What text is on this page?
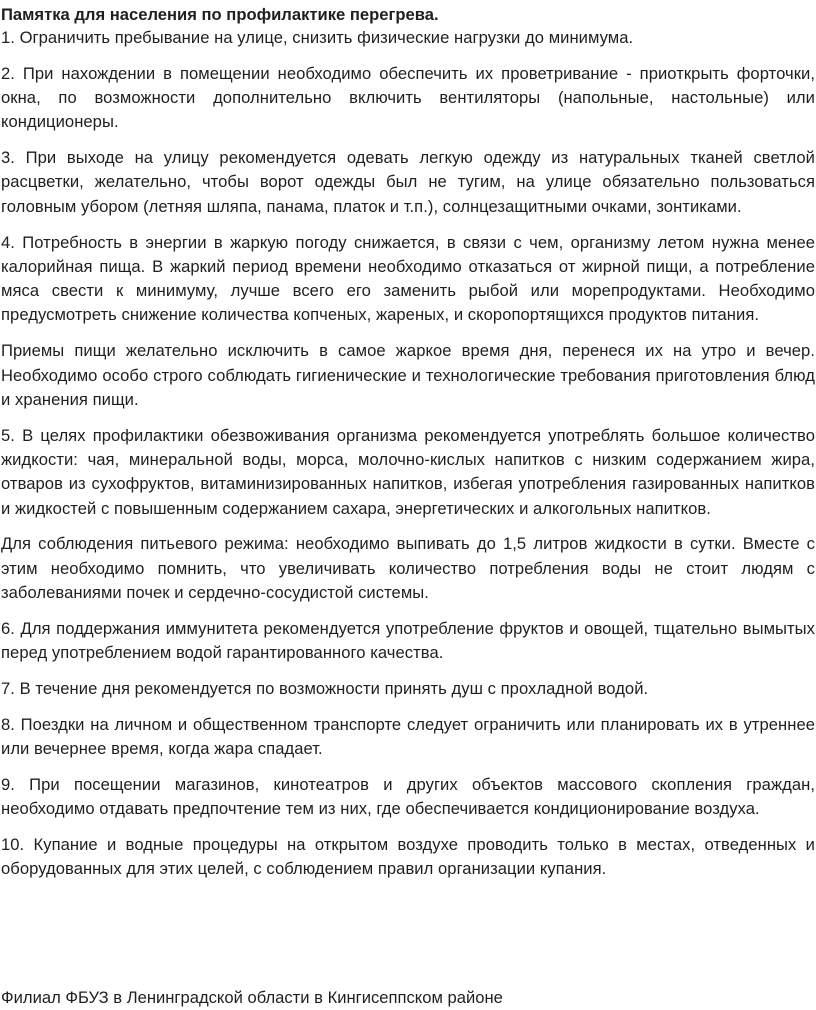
Памятка для населения по профилактике перегрева.

1. Ограничить пребывание на улице, снизить физические нагрузки до минимума.

2. При нахождении в помещении необходимо обеспечить их проветривание - приоткрыть форточки, окна, по возможности дополнительно включить вентиляторы (напольные, настольные) или кондиционеры.

3. При выходе на улицу рекомендуется одевать легкую одежду из натуральных тканей светлой расцветки, желательно, чтобы ворот одежды был не тугим, на улице обязательно пользоваться головным убором (летняя шляпа, панама, платок и т.п.), солнцезащитными очками, зонтиками.

4. Потребность в энергии в жаркую погоду снижается, в связи с чем, организму летом нужна менее калорийная пища. В жаркий период времени необходимо отказаться от жирной пищи, а потребление мяса свести к минимуму, лучше всего его заменить рыбой или морепродуктами. Необходимо предусмотреть снижение количества копченых, жареных, и скоропортящихся продуктов питания.

Приемы пищи желательно исключить в самое жаркое время дня, перенеся их на утро и вечер. Необходимо особо строго соблюдать гигиенические и технологические требования приготовления блюд и хранения пищи.

5. В целях профилактики обезвоживания организма рекомендуется употреблять большое количество жидкости: чая, минеральной воды, морса, молочно-кислых напитков с низким содержанием жира, отваров из сухофруктов, витаминизированных напитков, избегая употребления газированных напитков и жидкостей с повышенным содержанием сахара, энергетических и алкогольных напитков.

Для соблюдения питьевого режима: необходимо выпивать до 1,5 литров жидкости в сутки. Вместе с этим необходимо помнить, что увеличивать количество потребления воды не стоит людям с заболеваниями почек и сердечно-сосудистой системы.

6. Для поддержания иммунитета рекомендуется употребление фруктов и овощей, тщательно вымытых перед употреблением водой гарантированного качества.

7. В течение дня рекомендуется по возможности принять душ с прохладной водой.

8. Поездки на личном и общественном транспорте следует ограничить или планировать их в утреннее или вечернее время, когда жара спадает.

9. При посещении магазинов, кинотеатров и других объектов массового скопления граждан, необходимо отдавать предпочтение тем из них, где обеспечивается кондиционирование воздуха.

10. Купание и водные процедуры на открытом воздухе проводить только в местах, отведенных и оборудованных для этих целей, с соблюдением правил организации купания.

Филиал ФБУЗ в Ленинградской области в Кингисеппском районе
